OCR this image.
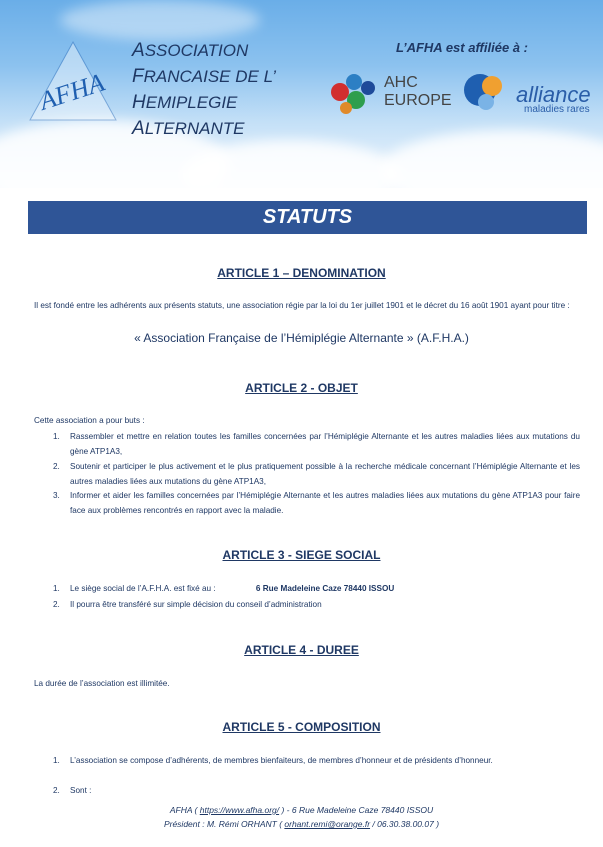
AFHA
ASSOCIATION
FRANCAISE DE L’
HEMIPLEGIE
ALTERNANTE
L’AFHA est affiliée à :
AHC
EUROPE	alliance
maladies rares
STATUTS
ARTICLE 1 – DENOMINATION
Il est fondé entre les adhérents aux présents statuts, une association régie par la loi du 1er juillet 1901 et le décret du 16 août 1901 ayant pour titre :
« Association Française de l’Hémiplégie Alternante » (A.F.H.A.)
ARTICLE 2 - OBJET
Cette association a pour buts :
1. Rassembler et mettre en relation toutes les familles concernées par l’Hémiplégie Alternante et les autres maladies liées aux mutations du gène ATP1A3,
2. Soutenir et participer le plus activement et le plus pratiquement possible à la recherche médicale concernant l’Hémiplégie Alternante et les autres maladies liées aux mutations du gène ATP1A3,
3. Informer et aider les familles concernées par l’Hémiplégie Alternante et les autres maladies liées aux mutations du gène ATP1A3 pour faire face aux problèmes rencontrés en rapport avec la maladie.
ARTICLE 3 - SIEGE SOCIAL
1. Le siège social de l’A.F.H.A. est fixé au :	6 Rue Madeleine Caze 78440 ISSOU
2. Il pourra être transféré sur simple décision du conseil d’administration
ARTICLE 4 - DUREE
La durée de l’association est illimitée.
ARTICLE 5 - COMPOSITION
1. L’association se compose d’adhérents, de membres bienfaiteurs, de membres d’honneur et de présidents d’honneur.
2. Sont :
AFHA ( https://www.afha.org/ ) - 6 Rue Madeleine Caze 78440 ISSOU
Président : M. Rémi ORHANT ( orhant.remi@orange.fr / 06.30.38.00.07 )
